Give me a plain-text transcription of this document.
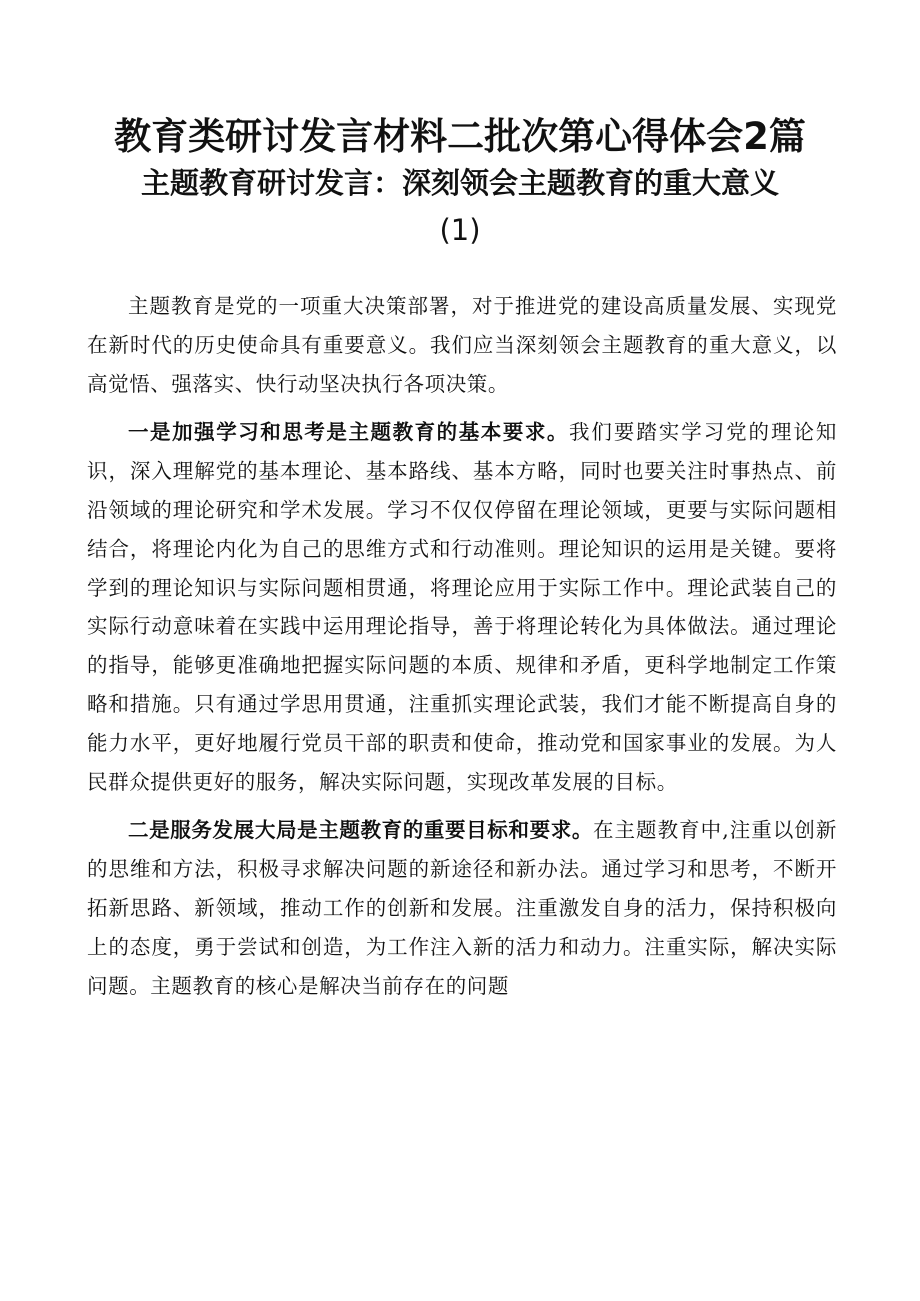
教育类研讨发言材料二批次第心得体会2篇
主题教育研讨发言：深刻领会主题教育的重大意义
(1)

主题教育是党的一项重大决策部署，对于推进党的建设高质量发展、实现党在新时代的历史使命具有重要意义。我们应当深刻领会主题教育的重大意义，以高觉悟、强落实、快行动坚决执行各项决策。

一是加强学习和思考是主题教育的基本要求。我们要踏实学习党的理论知识，深入理解党的基本理论、基本路线、基本方略，同时也要关注时事热点、前沿领域的理论研究和学术发展。学习不仅仅停留在理论领域，更要与实际问题相结合，将理论内化为自己的思维方式和行动准则。理论知识的运用是关键。要将学到的理论知识与实际问题相贯通，将理论应用于实际工作中。理论武装自己的实际行动意味着在实践中运用理论指导，善于将理论转化为具体做法。通过理论的指导，能够更准确地把握实际问题的本质、规律和矛盾，更科学地制定工作策略和措施。只有通过学思用贯通，注重抓实理论武装，我们才能不断提高自身的能力水平，更好地履行党员干部的职责和使命，推动党和国家事业的发展。为人民群众提供更好的服务，解决实际问题，实现改革发展的目标。

二是服务发展大局是主题教育的重要目标和要求。在主题教育中,注重以创新的思维和方法，积极寻求解决问题的新途径和新办法。通过学习和思考，不断开拓新思路、新领域，推动工作的创新和发展。注重激发自身的活力，保持积极向上的态度，勇于尝试和创造，为工作注入新的活力和动力。注重实际，解决实际问题。主题教育的核心是解决当前存在的问题
